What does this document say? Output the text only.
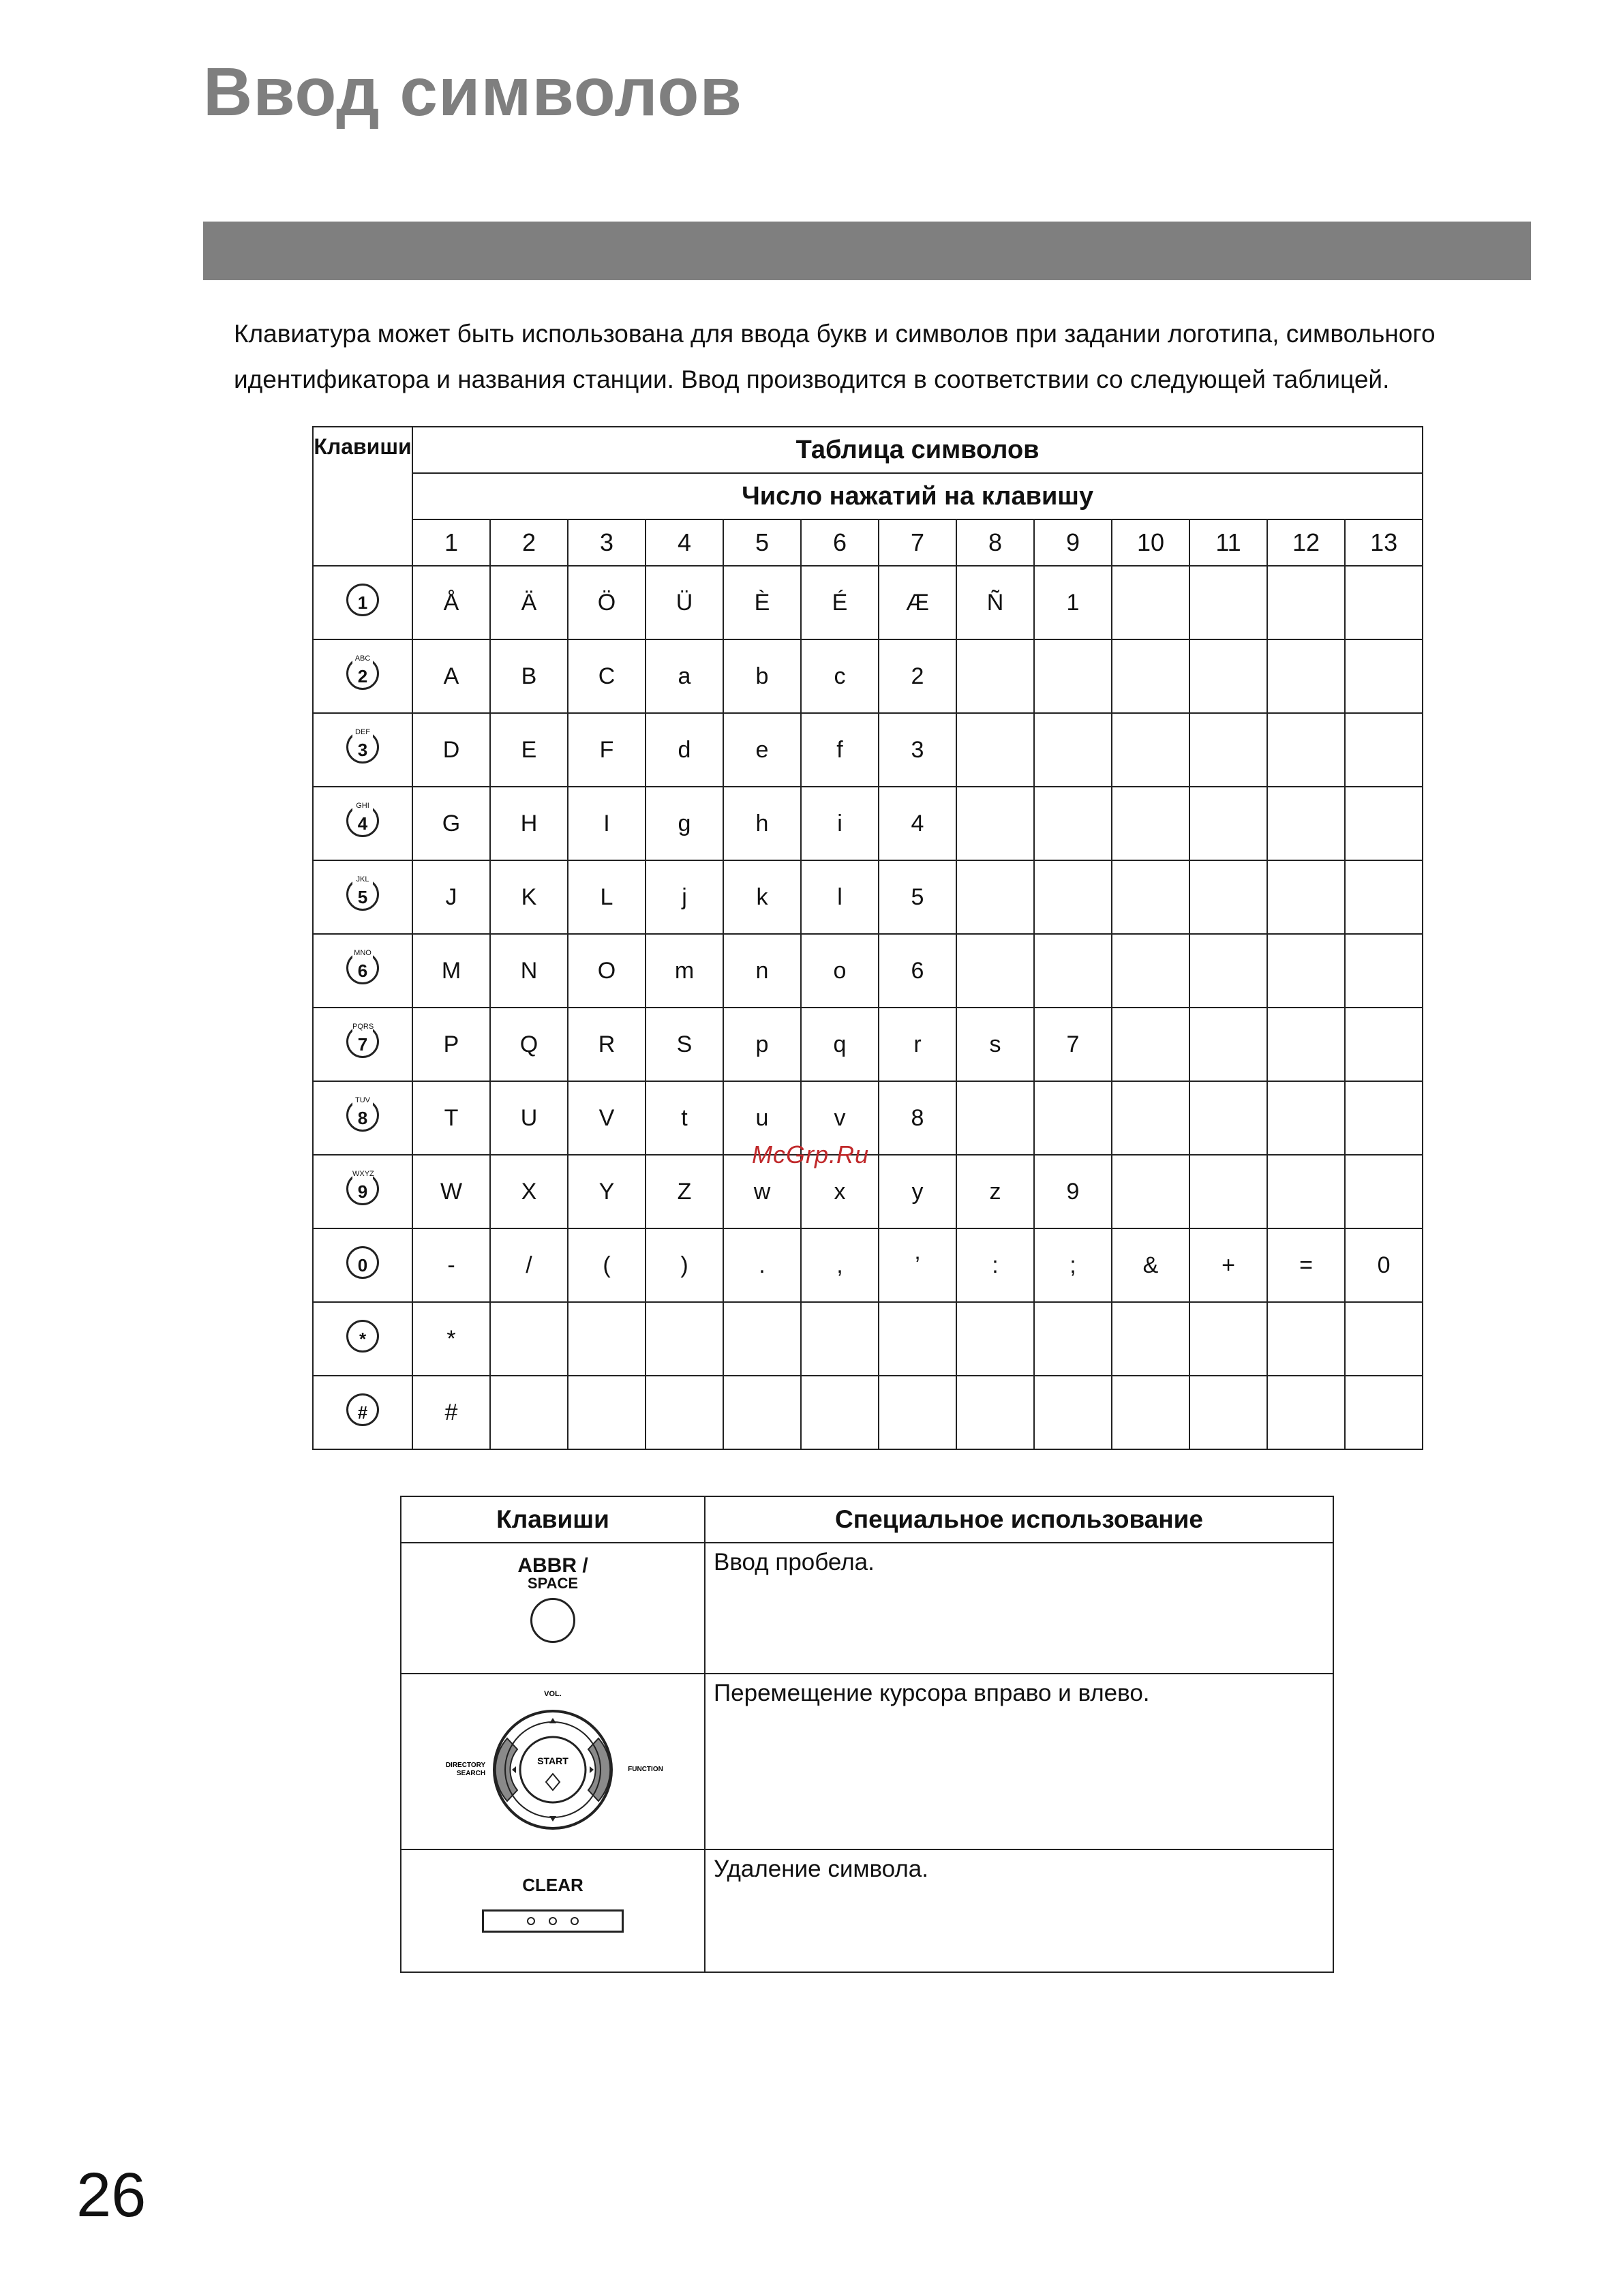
Ввод символов

Клавиатура может быть использована для ввода букв и символов при задании логотипа, символьного

идентификатора и названия станции. Ввод производится в соответствии со следующей таблицей.

Клавиши	Таблица символов												
	Число нажатий на клавишу												
	1	2	3	4	5	6	7	8	9	10	11	12	13

1	Å	Ä	Ö	Ü	È	É	Æ	Ñ	1				

ABC
2	A	B	C	a	b	c	2						

DEF
3	D	E	F	d	e	f	3						

GHI
4	G	H	I	g	h	i	4						

JKL
5	J	K	L	j	k	l	5						

MNO
6	M	N	O	m	n	o	6						

PQRS
7	P	Q	R	S	p	q	r	s	7				

TUV
8	T	U	V	t	u	v	8						

WXYZ
9	W	X	Y	Z	w	x	y	z	9				

0	-	/	(	)	.	,	’	:	;	&	+	=	0

*	*												

#	#												
McGrp.Ru
Клавиши	Специальное использование

ABBR /
SPACE	Ввод пробела.

VOL.
START
DIRECTORY
SEARCH
FUNCTION	Перемещение курсора вправо и влево.

CLEAR	Удаление символа.
26
